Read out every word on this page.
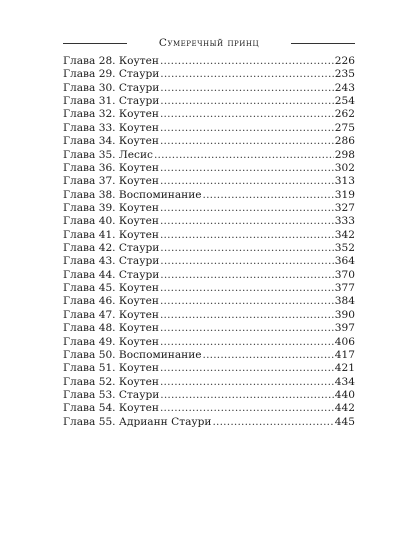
Сумеречный принц
Глава 28. Коутен .....	226
Глава 29. Стаури .....	235
Глава 30. Стаури .....	243
Глава 31. Стаури .....	254
Глава 32. Коутен .....	262
Глава 33. Коутен .....	275
Глава 34. Коутен .....	286
Глава 35. Лесис .....	298
Глава 36. Коутен .....	302
Глава 37. Коутен .....	313
Глава 38. Воспоминание .....	319
Глава 39. Коутен .....	327
Глава 40. Коутен .....	333
Глава 41. Коутен .....	342
Глава 42. Стаури .....	352
Глава 43. Стаури .....	364
Глава 44. Стаури .....	370
Глава 45. Коутен .....	377
Глава 46. Коутен .....	384
Глава 47. Коутен .....	390
Глава 48. Коутен .....	397
Глава 49. Коутен .....	406
Глава 50. Воспоминание .....	417
Глава 51. Коутен .....	421
Глава 52. Коутен .....	434
Глава 53. Стаури .....	440
Глава 54. Коутен .....	442
Глава 55. Адрианн Стаури .....	445
